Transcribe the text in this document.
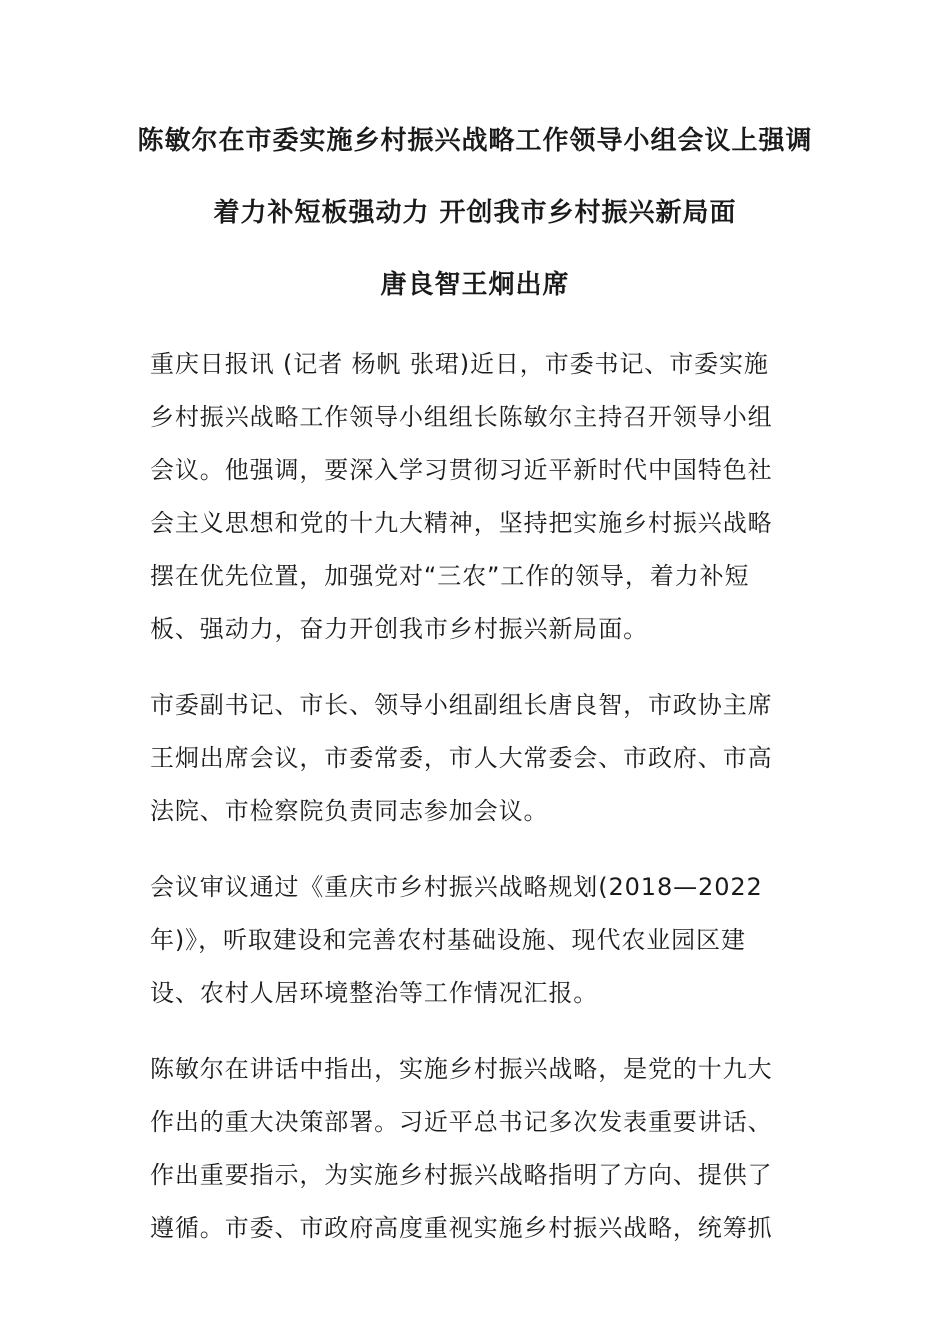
陈敏尔在市委实施乡村振兴战略工作领导小组会议上强调
着力补短板强动力 开创我市乡村振兴新局面
唐良智王炯出席

重庆日报讯 (记者 杨帆 张珺)近日，市委书记、市委实施乡村振兴战略工作领导小组组长陈敏尔主持召开领导小组会议。他强调，要深入学习贯彻习近平新时代中国特色社会主义思想和党的十九大精神，坚持把实施乡村振兴战略摆在优先位置，加强党对“三农”工作的领导，着力补短板、强动力，奋力开创我市乡村振兴新局面。

市委副书记、市长、领导小组副组长唐良智，市政协主席王炯出席会议，市委常委，市人大常委会、市政府、市高法院、市检察院负责同志参加会议。

会议审议通过《重庆市乡村振兴战略规划(2018—2022年)》，听取建设和完善农村基础设施、现代农业园区建设、农村人居环境整治等工作情况汇报。

陈敏尔在讲话中指出，实施乡村振兴战略，是党的十九大作出的重大决策部署。习近平总书记多次发表重要讲话、作出重要指示，为实施乡村振兴战略指明了方向、提供了遵循。市委、市政府高度重视实施乡村振兴战略，统筹抓
